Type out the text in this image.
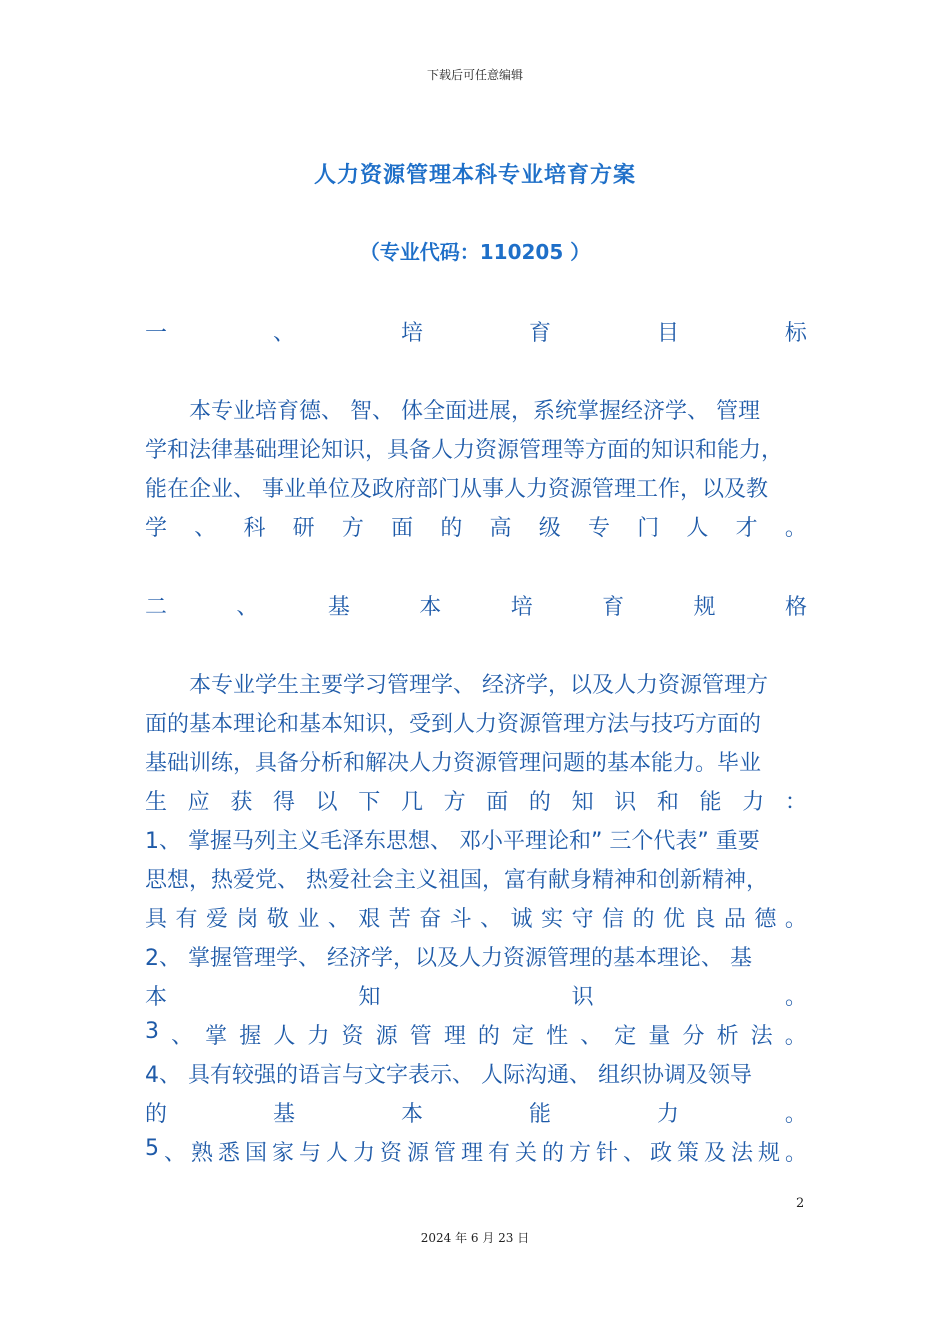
下载后可任意编辑
人力资源管理本科专业培育方案
（专业代码：110205 ）
一	、	培	育	目	标
本专业培育德、 智、 体全面进展，系统掌握经济学、 管理
学和法律基础理论知识，具备人力资源管理等方面的知识和能力，
能在企业、 事业单位及政府部门从事人力资源管理工作，以及教
学 、 科 研 方 面 的 高 级 专 门 人 才 。
二	、	基	本	培	育	规	格
本专业学生主要学习管理学、 经济学，以及人力资源管理方
面的基本理论和基本知识，受到人力资源管理方法与技巧方面的
基础训练，具备分析和解决人力资源管理问题的基本能力。毕业
生 应 获 得 以 下 几 方 面 的 知 识 和 能 力 ：
1、 掌握马列主义毛泽东思想、 邓小平理论和” 三个代表” 重要
思想，热爱党、 热爱社会主义祖国，富有献身精神和创新精神，
具 有 爱 岗 敬 业 、 艰 苦 奋 斗 、 诚 实 守 信 的 优 良 品 德 。
2、 掌握管理学、 经济学，以及人力资源管理的基本理论、 基
本	知	识	。
3 、 掌 握 人 力 资 源 管 理 的 定 性 、 定 量 分 析 法 。
4、 具有较强的语言与文字表示、 人际沟通、 组织协调及领导
的	基	本	能	力	。
5 、 熟 悉 国 家 与 人 力 资 源 管 理 有 关 的 方 针 、 政 策 及 法 规 。
2
2024 年 6 月 23 日
